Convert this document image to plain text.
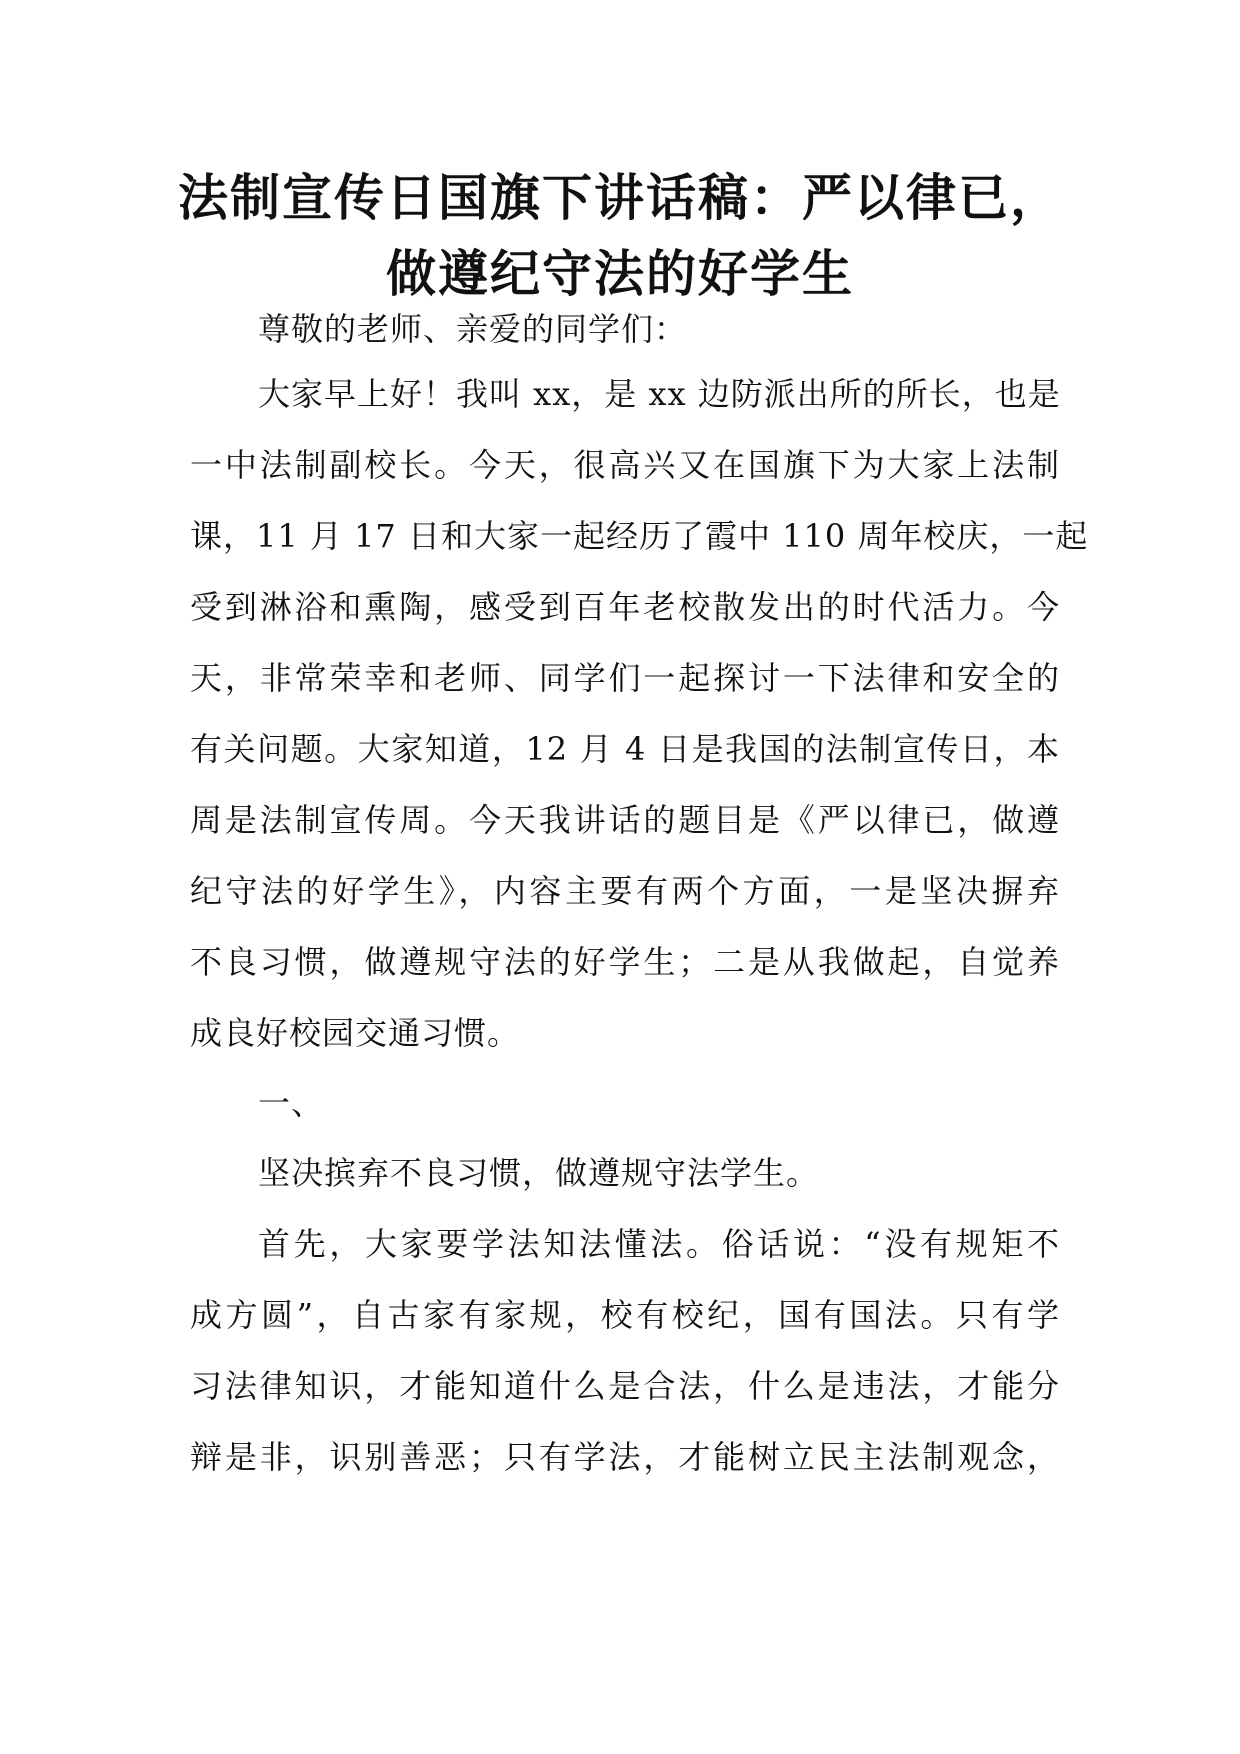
法制宣传日国旗下讲话稿：严以律已，
做遵纪守法的好学生
尊敬的老师、亲爱的同学们：
大家早上好！我叫 xx，是 xx 边防派出所的所长，也是
一中法制副校长。今天，很高兴又在国旗下为大家上法制
课，11 月 17 日和大家一起经历了霞中 110 周年校庆，一起
受到淋浴和熏陶，感受到百年老校散发出的时代活力。今
天，非常荣幸和老师、同学们一起探讨一下法律和安全的
有关问题。大家知道，12 月 4 日是我国的法制宣传日，本
周是法制宣传周。今天我讲话的题目是《严以律已，做遵
纪守法的好学生》，内容主要有两个方面，一是坚决摒弃
不良习惯，做遵规守法的好学生；二是从我做起，自觉养
成良好校园交通习惯。
一、
坚决摈弃不良习惯，做遵规守法学生。
首先，大家要学法知法懂法。俗话说：“没有规矩不
成方圆”，自古家有家规，校有校纪，国有国法。只有学
习法律知识，才能知道什么是合法，什么是违法，才能分
辩是非，识别善恶；只有学法，才能树立民主法制观念，
